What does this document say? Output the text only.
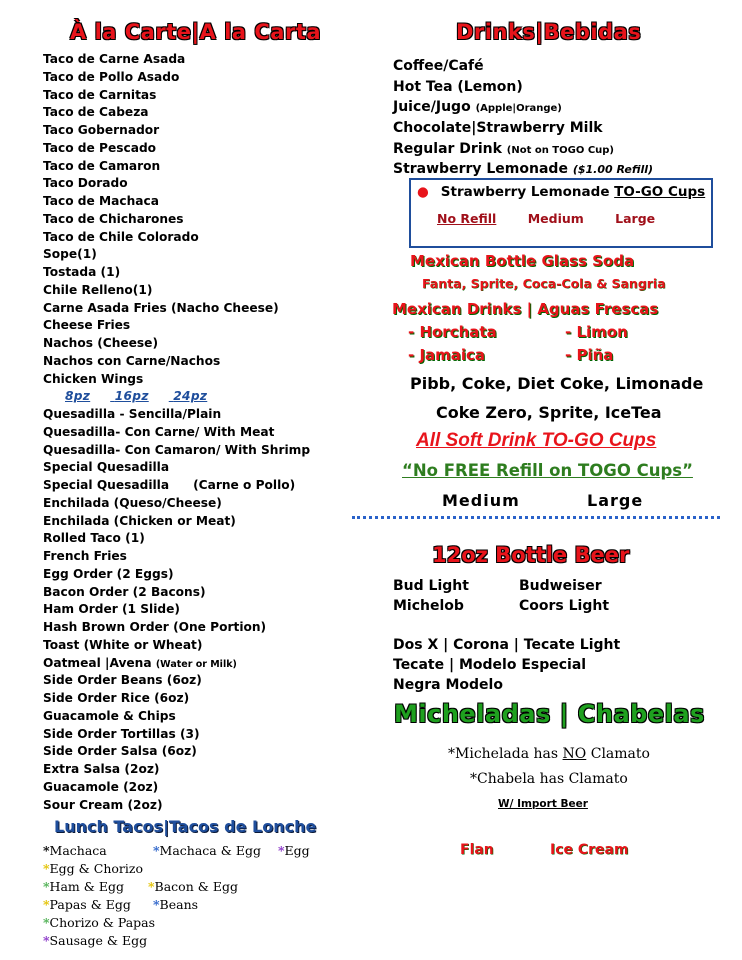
À la Carte|A la Carta
Taco de Carne Asada
Taco de Pollo Asado
Taco de Carnitas
Taco de Cabeza
Taco Gobernador
Taco de Pescado
Taco de Camaron
Taco Dorado
Taco de Machaca
Taco de Chicharones
Taco de Chile Colorado
Sope(1)
Tostada (1)
Chile Relleno(1)
Carne Asada Fries (Nacho Cheese)
Cheese Fries
Nachos (Cheese)
Nachos con Carne/Nachos
Chicken Wings
8pz 16pz 24pz
Quesadilla - Sencilla/Plain
Quesadilla- Con Carne/ With Meat
Quesadilla- Con Camaron/ With Shrimp
Special Quesadilla
Special Quesadilla (Carne o Pollo)
Enchilada (Queso/Cheese)
Enchilada (Chicken or Meat)
Rolled Taco (1)
French Fries
Egg Order (2 Eggs)
Bacon Order (2 Bacons)
Ham Order (1 Slide)
Hash Brown Order (One Portion)
Toast (White or Wheat)
Oatmeal |Avena (Water or Milk)
Side Order Beans (6oz)
Side Order Rice (6oz)
Guacamole & Chips
Side Order Tortillas (3)
Side Order Salsa (6oz)
Extra Salsa (2oz)
Guacamole (2oz)
Sour Cream (2oz)
Lunch Tacos|Tacos de Lonche
*Machaca	*Machaca & Egg *Egg
*Egg & Chorizo
*Ham & Egg *Bacon & Egg
*Papas & Egg *Beans
*Chorizo & Papas
*Sausage & Egg
Drinks|Bebidas
Coffee/Café
Hot Tea (Lemon)
Juice/Jugo (Apple|Orange)
Chocolate|Strawberry Milk
Regular Drink (Not on TOGO Cup)
Strawberry Lemonade ($1.00 Refill)
● Strawberry Lemonade TO-GO Cups
No Refill	Medium	Large
Mexican Bottle Glass Soda
Fanta, Sprite, Coca-Cola & Sangria
Mexican Drinks | Aguas Frescas
- Horchata	- Limon
- Jamaica	- Piña
Pibb, Coke, Diet Coke, Limonade
Coke Zero, Sprite, IceTea
All Soft Drink TO-GO Cups
“No FREE Refill on TOGO Cups”
Medium	Large
12oz Bottle Beer
Bud Light	Budweiser
Michelob	Coors Light
Dos X | Corona | Tecate Light
Tecate | Modelo Especial
Negra Modelo
Micheladas | Chabelas
*Michelada has NO Clamato
*Chabela has Clamato
W/ Import Beer
Flan	Ice Cream
